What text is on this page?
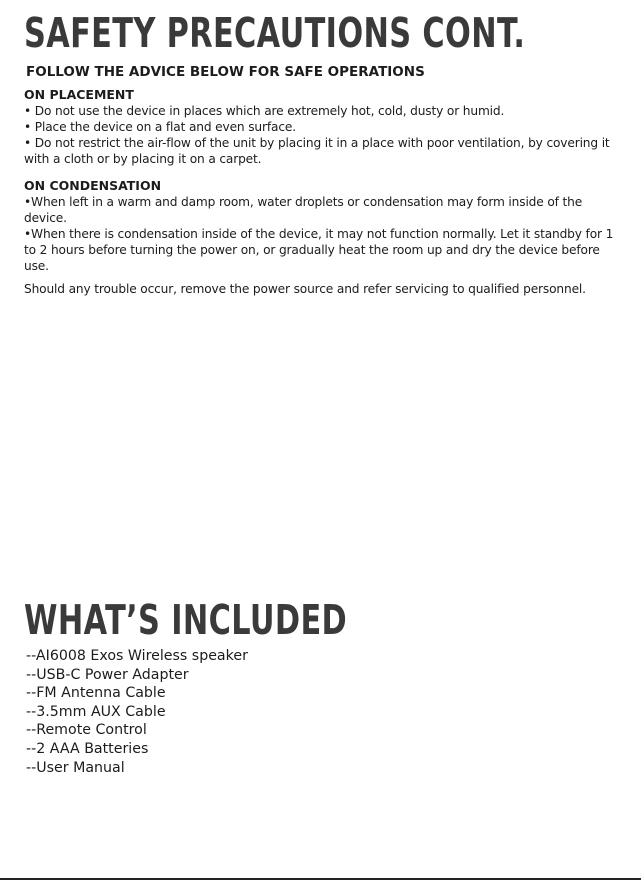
SAFETY PRECAUTIONS CONT.

FOLLOW THE ADVICE BELOW FOR SAFE OPERATIONS

ON PLACEMENT

• Do not use the device in places which are extremely hot, cold, dusty or humid.

• Place the device on a flat and even surface.

• Do not restrict the air-flow of the unit by placing it in a place with poor ventilation, by covering it with a cloth or by placing it on a carpet.

ON CONDENSATION

•When left in a warm and damp room, water droplets or condensation may form inside of the device.

•When there is condensation inside of the device, it may not function normally. Let it standby for 1 to 2 hours before turning the power on, or gradually heat the room up and dry the device before use.

Should any trouble occur, remove the power source and refer servicing to qualified personnel.

WHAT’S INCLUDED
--AI6008 Exos Wireless speaker
--USB-C Power Adapter
--FM Antenna Cable
--3.5mm AUX Cable
--Remote Control
--2 AAA Batteries
--User Manual
